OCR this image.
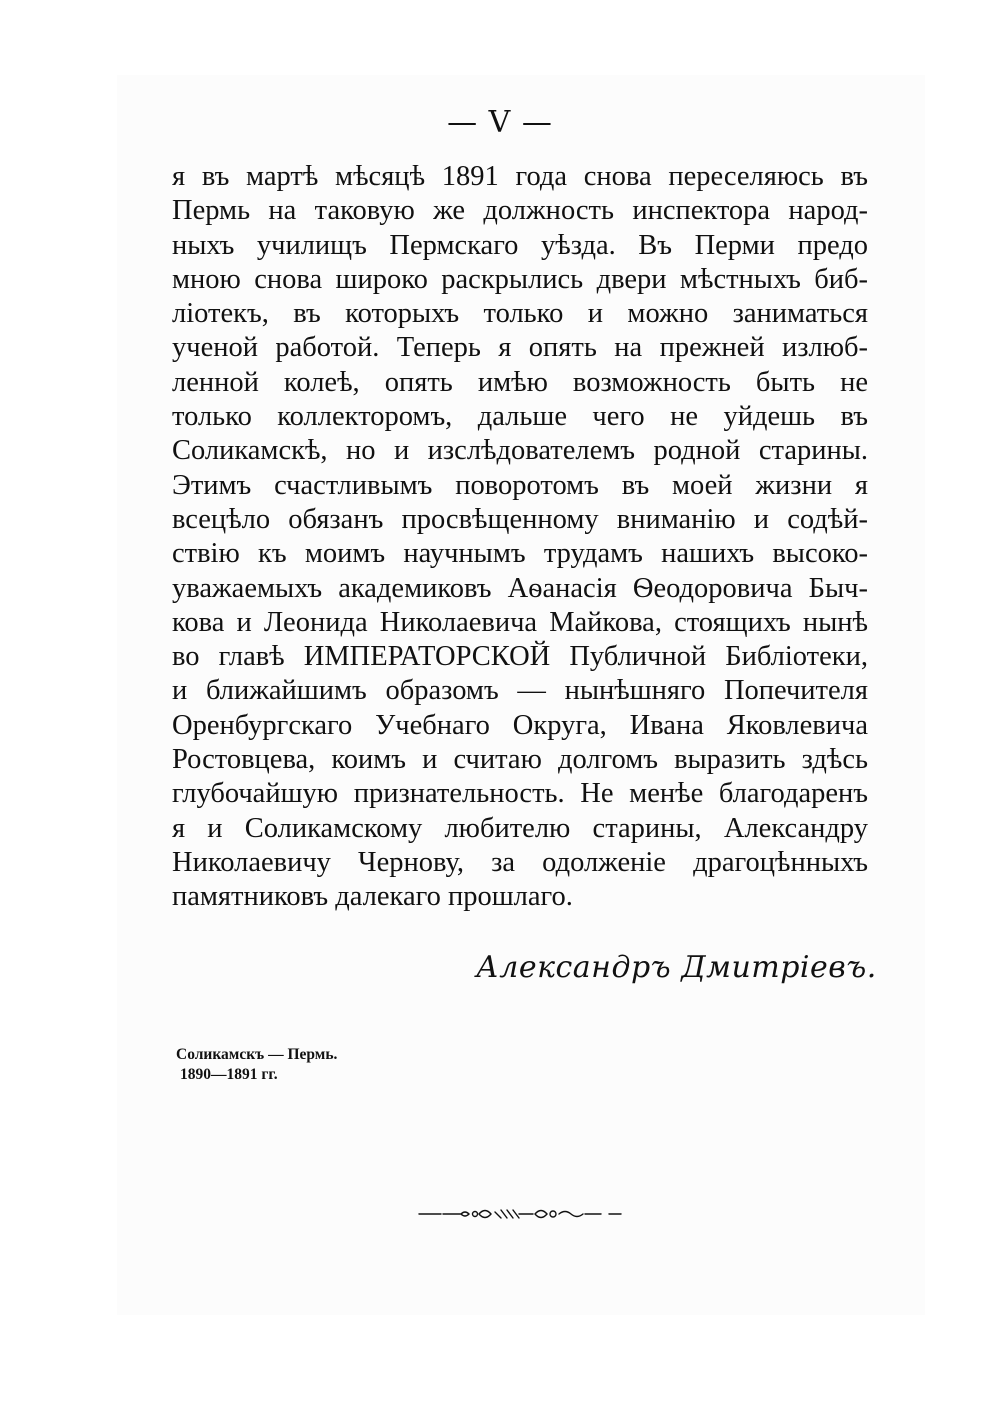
— V —
я въ мартѣ мѣсяцѣ 1891 года снова переселяюсь въ
Пермь на таковую же должность инспектора народ-
ныхъ училищъ Пермскаго уѣзда. Въ Перми предо
мною снова широко раскрылись двери мѣстныхъ биб-
ліотекъ, въ которыхъ только и можно заниматься
ученой работой. Теперь я опять на прежней излюб-
ленной колеѣ, опять имѣю возможность быть не
только коллекторомъ, дальше чего не уйдешь въ
Соликамскѣ, но и изслѣдователемъ родной старины.
Этимъ счастливымъ поворотомъ въ моей жизни я
всецѣло обязанъ просвѣщенному вниманію и содѣй-
ствію къ моимъ научнымъ трудамъ нашихъ высоко-
уважаемыхъ академиковъ Аѳанасія Ѳеодоровича Быч-
кова и Леонида Николаевича Майкова, стоящихъ нынѣ
во главѣ ИМПЕРАТОРСКОЙ Публичной Библіотеки,
и ближайшимъ образомъ — нынѣшняго Попечителя
Оренбургскаго Учебнаго Округа, Ивана Яковлевича
Ростовцева, коимъ и считаю долгомъ выразить здѣсь
глубочайшую признательность. Не менѣе благодаренъ
я и Соликамскому любителю старины, Александру
Николаевичу Чернову, за одолженіе драгоцѣнныхъ
памятниковъ далекаго прошлаго.
Александръ Дмитріевъ.
Соликамскъ — Пермь.
1890—1891 гг.
